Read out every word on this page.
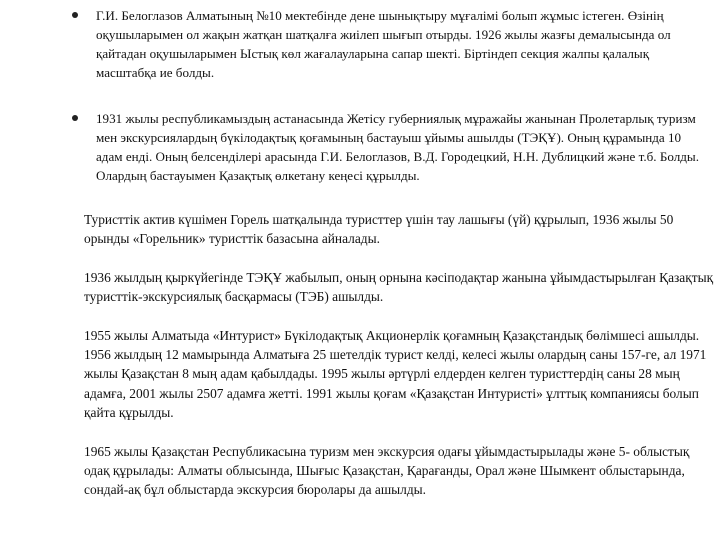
Г.И. Белоглазов Алматының №10 мектебінде дене шынықтыру мұғалімі болып жұмыс істеген. Өзінің оқушыларымен ол жақын жатқан шатқалға жиілеп шығып отырды. 1926 жылы жазғы демалысында ол қайтадан оқушыларымен Ыстық көл жағалауларына сапар шекті. Біртіндеп секция жалпы қалалық масштабқа ие болды.
1931 жылы республикамыздың астанасында Жетісу губерниялық мұражайы жанынан Пролетарлық туризм мен экскурсиялардың бүкілодақтық қоғамының бастауыш ұйымы ашылды (ТЭҚҰ). Оның құрамында 10 адам енді. Оның белсенділері арасында Г.И. Белоглазов, В.Д. Городецкий, Н.Н. Дублицкий және т.б. Болды. Олардың бастауымен Қазақтық өлкетану кеңесі құрылды.

Туристтік актив күшімен Горель шатқалында туристтер үшін тау лашығы (үй) құрылып, 1936 жылы 50 орынды «Горельник» туристтік базасына айналады.

1936 жылдың қыркүйегінде ТЭҚҰ жабылып, оның орнына кәсіподақтар жанына ұйымдастырылған Қазақтық туристтік-экскурсиялық басқармасы (ТЭБ) ашылды.

1955 жылы Алматыда «Интурист» Бүкілодақтық Акционерлік қоғамның Қазақстандық бөлімшесі ашылды. 1956 жылдың 12 мамырында Алматыға 25 шетелдік турист келді, келесі жылы олардың саны 157-ге, ал 1971 жылы Қазақстан 8 мың адам қабылдады. 1995 жылы әртүрлі елдерден келген туристтердің саны 28 мың адамға, 2001 жылы 2507 адамға жетті. 1991 жылы қоғам «Қазақстан Интуристі» ұлттық компаниясы болып қайта құрылды.

1965 жылы Қазақстан Республикасына туризм мен экскурсия одағы ұйымдастырылады және 5- облыстық одақ құрылады: Алматы облысында, Шығыс Қазақстан, Қарағанды, Орал және Шымкент облыстарында, сондай-ақ бұл облыстарда экскурсия бюролары да ашылды.
